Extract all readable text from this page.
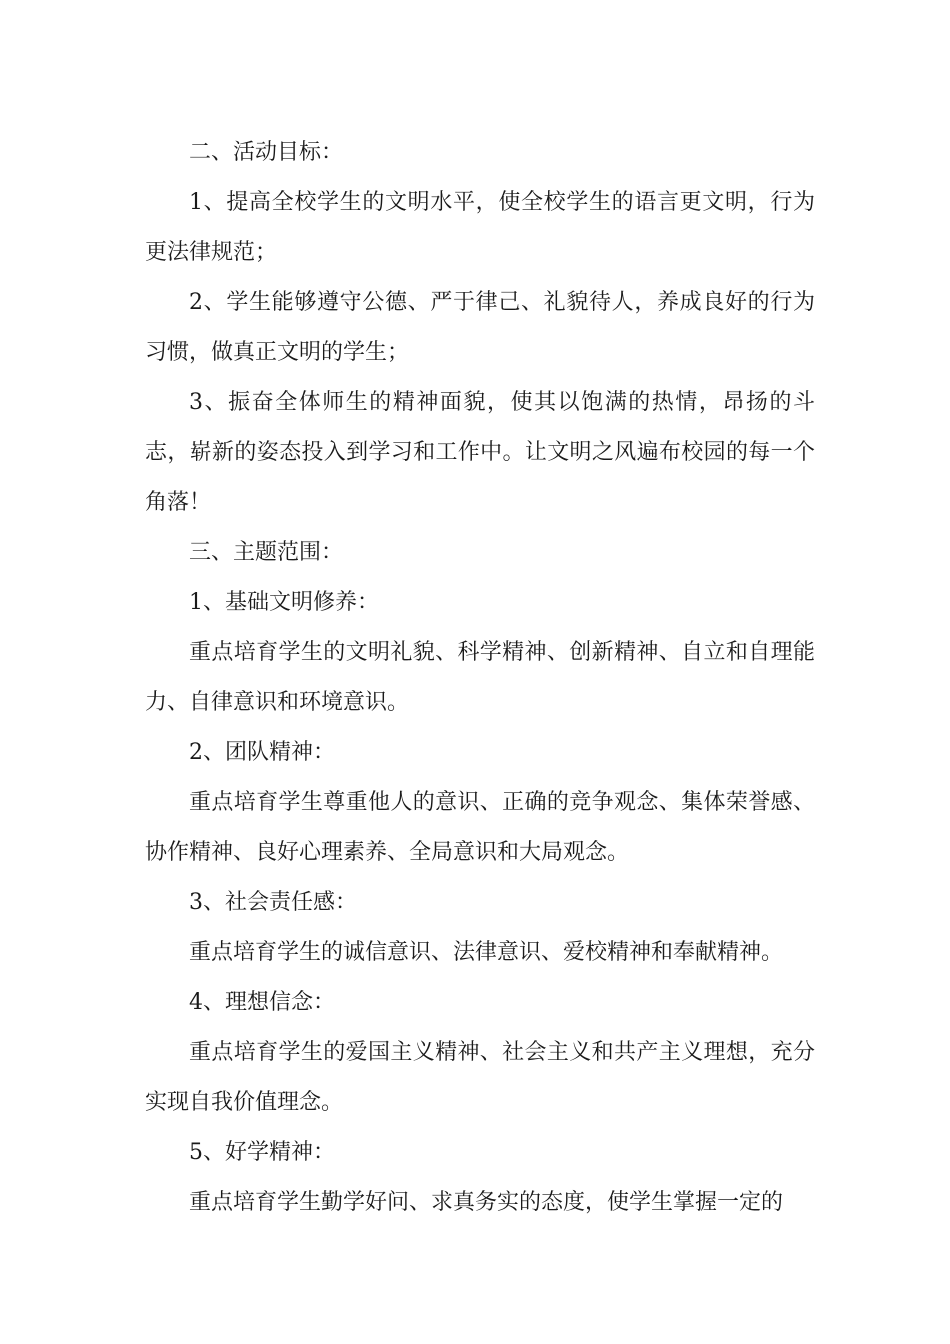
二、活动目标：

1、提高全校学生的文明水平，使全校学生的语言更文明，行为更法律规范；

2、学生能够遵守公德、严于律己、礼貌待人，养成良好的行为习惯，做真正文明的学生；

3、振奋全体师生的精神面貌，使其以饱满的热情，昂扬的斗志，崭新的姿态投入到学习和工作中。让文明之风遍布校园的每一个角落！

三、主题范围：

1、基础文明修养：

重点培育学生的文明礼貌、科学精神、创新精神、自立和自理能力、自律意识和环境意识。

2、团队精神：

重点培育学生尊重他人的意识、正确的竞争观念、集体荣誉感、协作精神、良好心理素养、全局意识和大局观念。

3、社会责任感：

重点培育学生的诚信意识、法律意识、爱校精神和奉献精神。

4、理想信念：

重点培育学生的爱国主义精神、社会主义和共产主义理想，充分实现自我价值理念。

5、好学精神：

重点培育学生勤学好问、求真务实的态度，使学生掌握一定的
